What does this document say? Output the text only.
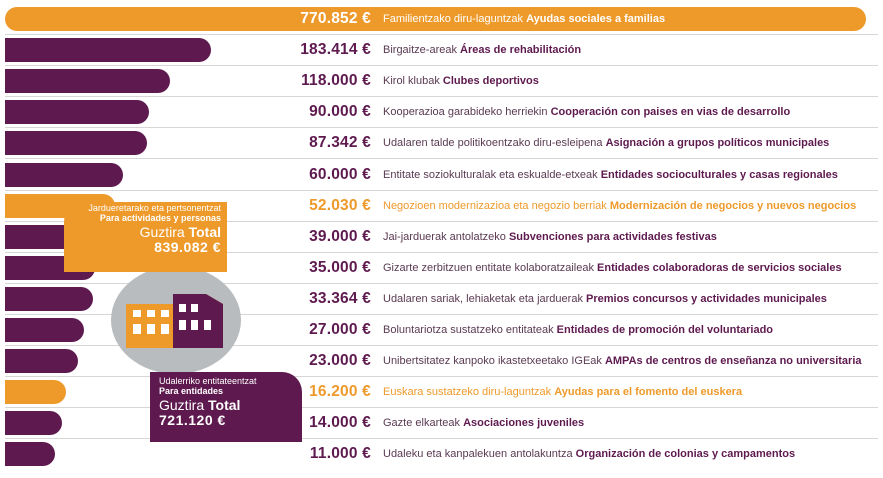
770.852 € Familientzako diru-laguntzak Ayudas sociales a familias
183.414 € Birgaitze-areak Áreas de rehabilitación
118.000 € Kirol klubak Clubes deportivos
90.000 € Kooperazioa garabideko herriekin Cooperación con paises en vias de desarrollo
87.342 € Udalaren talde politikoentzako diru-esleipena Asignación a grupos políticos municipales
60.000 € Entitate soziokulturalak eta eskualde-etxeak Entidades socioculturales y casas regionales
52.030 € Negozioen modernizazioa eta negozio berriak Modernización de negocios y nuevos negocios
39.000 € Jai-jarduerak antolatzeko Subvenciones para actividades festivas
35.000 € Gizarte zerbitzuen entitate kolaboratzaileak Entidades colaboradoras de servicios sociales
33.364 € Udalaren sariak, lehiaketak eta jarduerak Premios concursos y actividades municipales
27.000 € Boluntariotza sustatzeko entitateak Entidades de promoción del voluntariado
23.000 € Unibertsitatez kanpoko ikastetxeetako IGEak AMPAs de centros de enseñanza no universitaria
16.200 € Euskara sustatzeko diru-laguntzak Ayudas para el fomento del euskera
14.000 € Gazte elkarteak Asociaciones juveniles
11.000 € Udaleku eta kanpalekuen antolakuntza Organización de colonias y campamentos
Jardueretarako eta pertsonentzat
Para actividades y personas
Guztira Total
839.082 €
Udalerriko entitateentzat
Para entidades
Guztira Total
721.120 €
